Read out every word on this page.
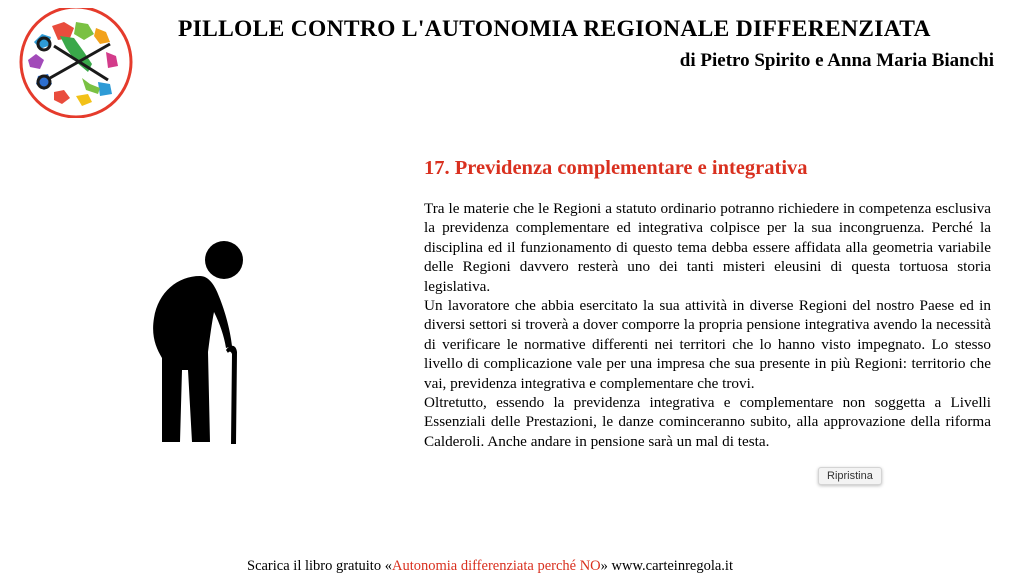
PILLOLE CONTRO L'AUTONOMIA REGIONALE DIFFERENZIATA
di Pietro Spirito e Anna Maria Bianchi
17. Previdenza complementare e integrativa

Tra le materie che le Regioni a statuto ordinario potranno richiedere in competenza esclusiva la previdenza complementare ed integrativa colpisce per la sua incongruenza. Perché la disciplina ed il funzionamento di questo tema debba essere affidata alla geometria variabile delle Regioni davvero resterà uno dei tanti misteri eleusini di questa tortuosa storia legislativa.

Un lavoratore che abbia esercitato la sua attività in diverse Regioni del nostro Paese ed in diversi settori si troverà a dover comporre la propria pensione integrativa avendo la necessità di verificare le normative differenti nei territori che lo hanno visto impegnato. Lo stesso livello di complicazione vale per una impresa che sua presente in più Regioni: territorio che vai, previdenza integrativa e complementare che trovi.

Oltretutto, essendo la previdenza integrativa e complementare non soggetta a Livelli Essenziali delle Prestazioni, le danze cominceranno subito, alla approvazione della riforma Calderoli. Anche andare in pensione sarà un mal di testa.

Ripristina
Scarica il libro gratuito «Autonomia differenziata perché NO» www.carteinregola.it
